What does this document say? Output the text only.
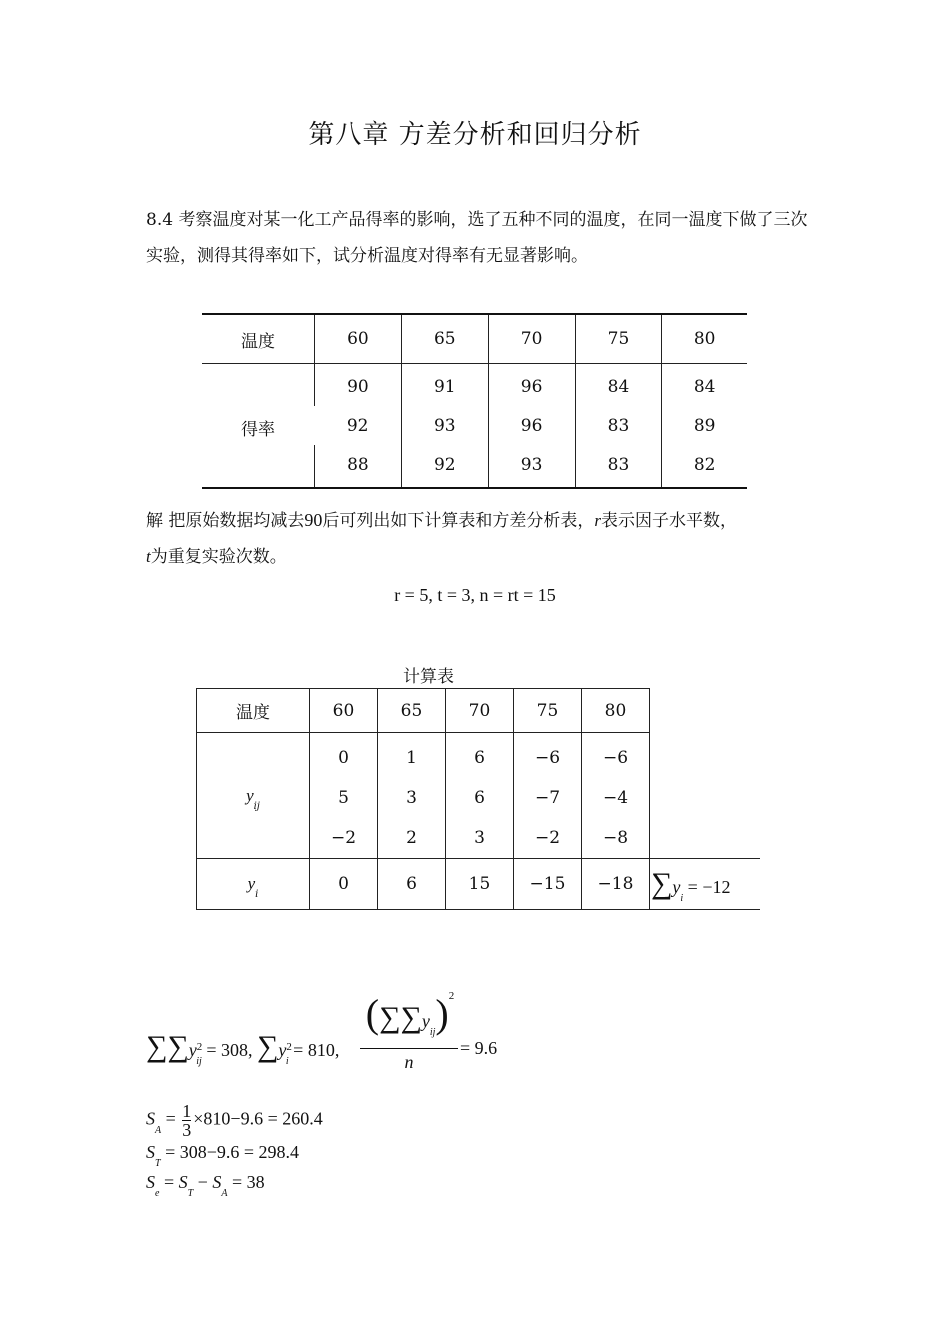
第八章 方差分析和回归分析
8.4 考察温度对某一化工产品得率的影响，选了五种不同的温度，在同一温度下做了三次实验，测得其得率如下，试分析温度对得率有无显著影响。
温度	60	65	70	75	80
得率	90	91	96	84	84
	92	93	96	83	89
	88	92	93	83	82
解 把原始数据均减去90后可列出如下计算表和方差分析表，r表示因子水平数，
t为重复实验次数。
r = 5, t = 3, n = rt = 15
计算表
温度	60	65	70	75	80	
$y_{ij}$	0	1	6	−6	−6	
	5	3	6	−7	−4	
	−2	2	3	−2	−8	
$y_i$	0	6	15	−15	−18	$\sum y_i = -12$
$\sum\sum y^2_{ij} = 308$, $\sum y^2_i = 810$,
$(\sum\sum y_{ij})^2$
n
= 9.6
$S_A = \frac{1}{3} \times 810-9.6 = 260.4$
$S_T = 308-9.6 = 298.4$
$S_e = S_T - S_A = 38$
